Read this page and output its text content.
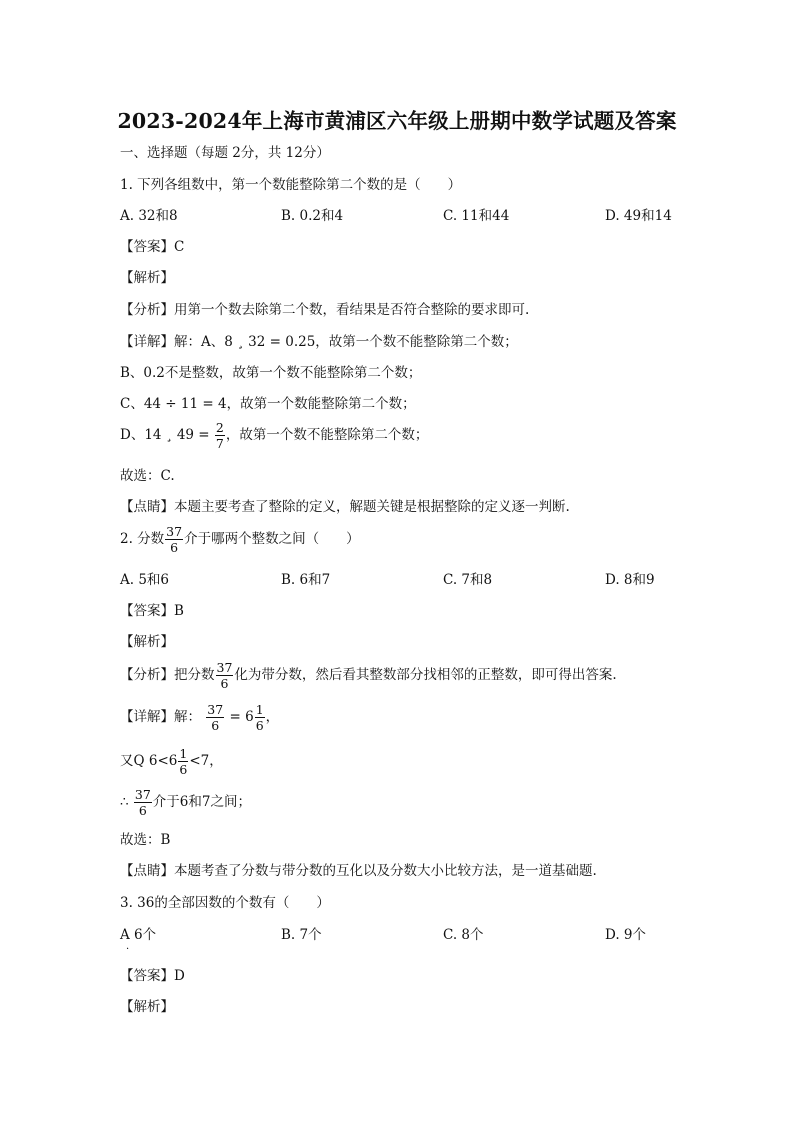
2023-2024年上海市黄浦区六年级上册期中数学试题及答案
一、选择题（每题 2分，共 12分）
1. 下列各组数中，第一个数能整除第二个数的是（　　）
A. 32和8	B. 0.2和4	C. 11和44	D. 49和14
【答案】C
【解析】
【分析】用第一个数去除第二个数，看结果是否符合整除的要求即可.
【详解】解：A、8 ¸ 32 = 0.25，故第一个数不能整除第二个数；
B、0.2不是整数，故第一个数不能整除第二个数；
C、44 ÷ 11 = 4，故第一个数能整除第二个数；
D、14 ¸ $49 = \frac{2}{7}$ ，故第一个数不能整除第二个数；
故选：C.
【点睛】本题主要考查了整除的定义，解题关键是根据整除的定义逐一判断.
2. 分数 $\frac{37}{6}$ 介于哪两个整数之间（　　）
A. 5和6	B. 6和7	C. 7和8	D. 8和9
【答案】B
【解析】
【分析】把分数 $\frac{37}{6}$ 化为带分数，然后看其整数部分找相邻的正整数，即可得出答案.
【详解】解： $\frac{37}{6} = 6 \frac{1}{6}$ ，
又Q $6<6 \frac{1}{6} <7$，
∴ $\frac{37}{6}$ 介于6和7之间；
故选：B
【点睛】本题考查了分数与带分数的互化以及分数大小比较方法，是一道基础题.
3. 36的全部因数的个数有（　　）
A 6个
·
B. 7个	C. 8个	D. 9个
【答案】D
【解析】
